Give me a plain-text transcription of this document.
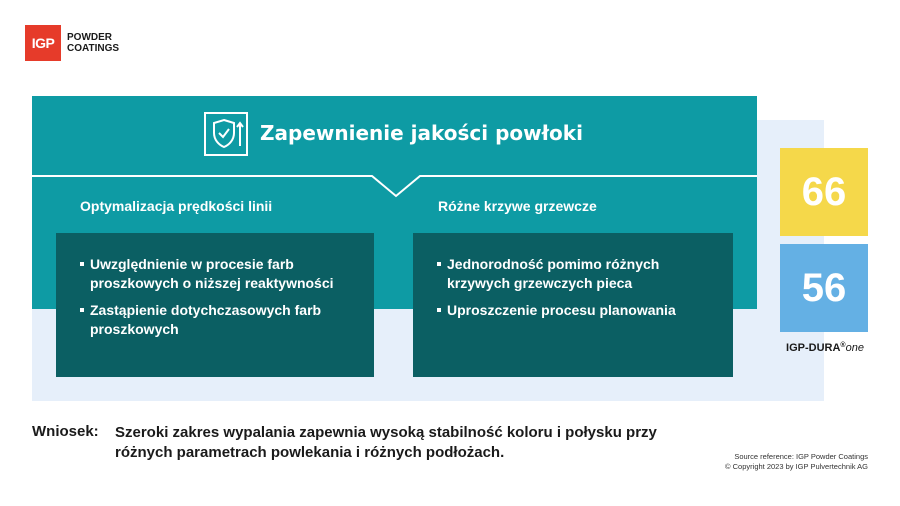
IGP	POWDER
COATINGS
Zapewnienie jakości powłoki
Optymalizacja prędkości linii	Różne krzywe grzewcze
Uwzględnienie w procesie farb proszkowych o niższej reaktywności
Zastąpienie dotychczasowych farb proszkowych
Jednorodność pomimo różnych krzywych grzewczych pieca
Uproszczenie procesu planowania
66
56
IGP-DURA®one
Wniosek: Szeroki zakres wypalania zapewnia wysoką stabilność koloru i połysku przy różnych parametrach powlekania i różnych podłożach.	Source reference: IGP Powder Coatings
© Copyright 2023 by IGP Pulvertechnik AG
